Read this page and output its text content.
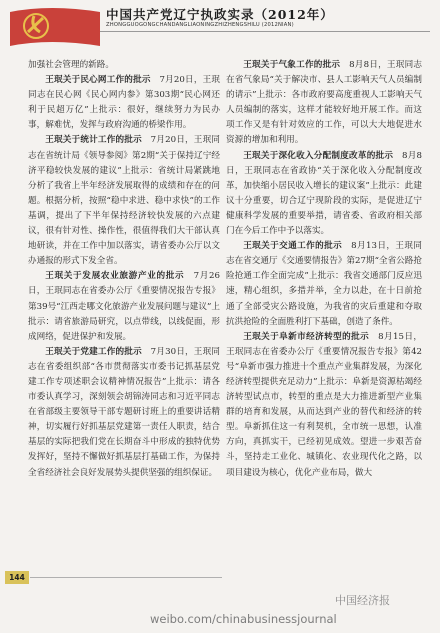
中国共产党辽宁执政实录（2012年）
ZHONGGUOGONGCHANDANGLIAONINGZHIZHENGSHILU (2012NIAN)

加强社会管理的新路。

王珉关于民心网工作的批示　 7月20日，王珉同志在民心网《民心网内参》第303期“民心网还利于民超万亿”上批示：很好，继续努力为民办事，解难忧，发挥与政府沟通的桥梁作用。

王珉关于统计工作的批示　 7月20日，王珉同志在省统计局《领导参阅》第2期“关于保持辽宁经济平稳较快发展的建议”上批示：省统计局紧跳地分析了我省上半年经济发展取得的成绩和存在的问题。根据分析，按照“稳中求进、稳中求快”的工作基调，提出了下半年保持经济较快发展的六点建议，很有针对性、操作性，很值得我们大干部认真地研读，并在工作中加以落实，请省委办公厅以文办通报的形式下发全省。

王珉关于发展农业旅游产业的批示　 7月26日，王珉同志在省委办公厅《重要情况报告专报》第39号“江西走哪文化旅游产业发展问题与建议”上批示：请省旅游局研究，以点带线，以线促面，形成网络，促进保护和发展。

王珉关于党建工作的批示　 7月30日，王珉同志在省委组织部“各市贯彻落实市委书记抓基层党建工作专项述职会议精神情况报告”上批示：请各市委认真学习，深刻领会胡锦涛同志和习近平同志在省部级主要领导干部专题研讨班上的重要讲话精神，切实履行好抓基层党建第一责任人职责，结合基层的实际把我们党在长期奋斗中形成的独特优势发挥好，坚持不懈做好抓基层打基础工作，为保持全省经济社会良好发展势头提供坚强的组织保证。

王珉关于气象工作的批示　 8月8日，王珉同志在省气象局“关于解决市、县人工影响天气人员编制的请示”上批示：各市政府要高度重视人工影响天气人员编制的落实，这样才能较好地开展工作。而这项工作又是有针对效应的工作，可以大大地促进水资源的增加和利用。

王珉关于深化收入分配制度改革的批示　 8月8日，王珉同志在省政协“关于深化收入分配制度改革，加快缩小居民收入增长的建议案”上批示：此建议十分重要，切合辽宁现阶段的实际，是促进辽宁健康科学发展的重要举措，请省委、省政府相关部门在今后工作中予以落实。

王珉关于交通工作的批示　 8月13日，王珉同志在省交通厅《交通要情报告》第27期“全省公路抢险抢通工作全面完成”上批示：我省交通部门反应迅速，精心组织，多措并举，全力以赴，在十日前抢通了全部受灾公路设施，为我省的灾后重建和夺取抗洪抢险的全面胜利打下基础，创造了条件。

王珉关于阜新市经济转型的批示　 8月15日，王珉同志在省委办公厅《重要情况报告专报》第42号“阜新市强力推进十个重点产业集群发展，为深化经济转型提供充足动力”上批示：阜新是资源枯竭经济转型试点市，转型的重点是大力推进新型产业集群的培育和发展，从而达到产业的替代和经济的转型。阜新抓住这一有利契机，全市统一思想，认准方向，真抓实干，已经初见成效。望进一步艰苦奋斗，坚持走工业化、城镇化、农业现代化之路，以项目建设为核心，优化产业布局，做大

144
中国经济报
weibo.com/chinabusinessjournal
